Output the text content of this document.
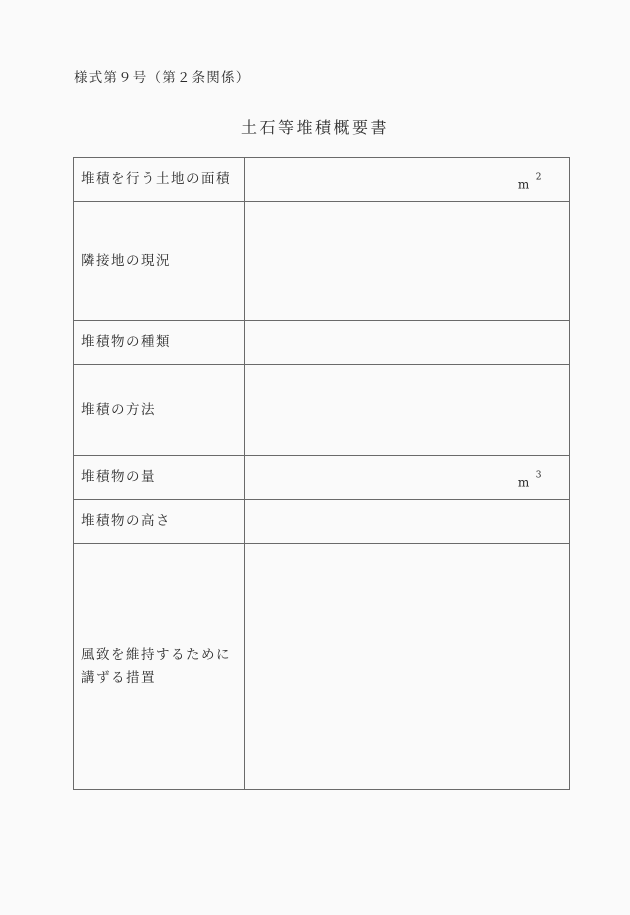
様式第９号（第２条関係）
土石等堆積概要書
堆積を行う土地の面積	m $^2$

隣接地の現況	
堆積物の種類	
堆積の方法	
堆積物の量	m $^3$

堆積物の高さ	

風致を維持するために
講ずる措置	
